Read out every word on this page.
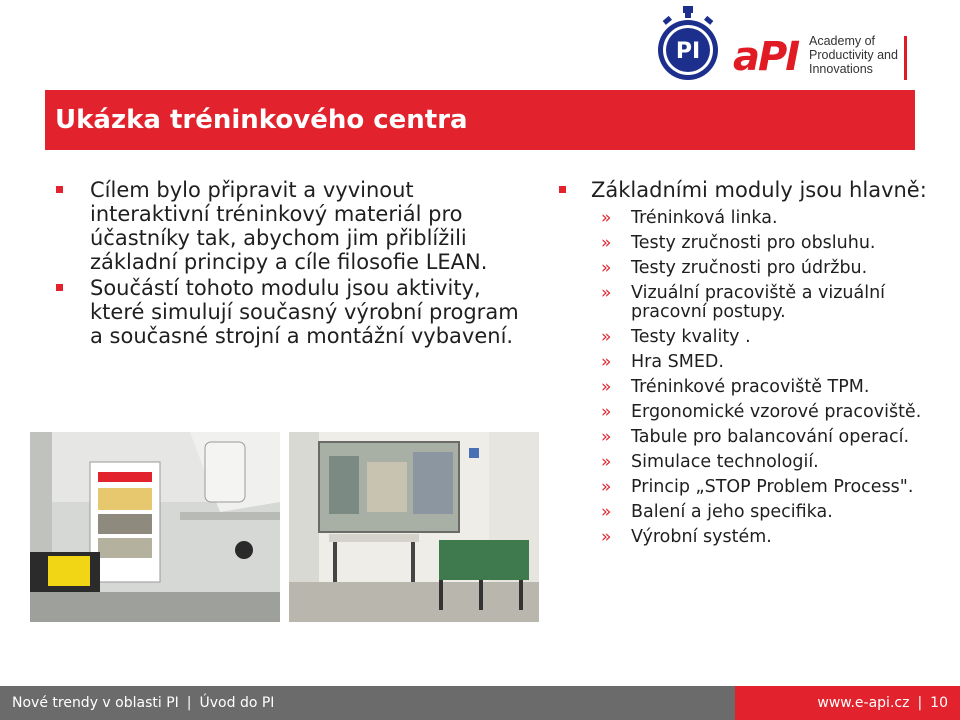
PI aPI Academy of
Productivity and
Innovations
Ukázka tréninkového centra
Cílem bylo připravit a vyvinout interaktivní tréninkový materiál pro účastníky tak, abychom jim přiblížili základní principy a cíle filosofie LEAN.
Součástí tohoto modulu jsou aktivity, které simulují současný výrobní program a současné strojní a montážní vybavení.
Základními moduly jsou hlavně:
» Tréninková linka.
» Testy zručnosti pro obsluhu.
» Testy zručnosti pro údržbu.
» Vizuální pracoviště a vizuální pracovní postupy.
» Testy kvality .
» Hra SMED.
» Tréninkové pracoviště TPM.
» Ergonomické vzorové pracoviště.
» Tabule pro balancování operací.
» Simulace technologií.
» Princip „STOP Problem Process".
» Balení a jeho specifika.
» Výrobní systém.
Nové trendy v oblasti PI | Úvod do PI	www.e-api.cz | 10
